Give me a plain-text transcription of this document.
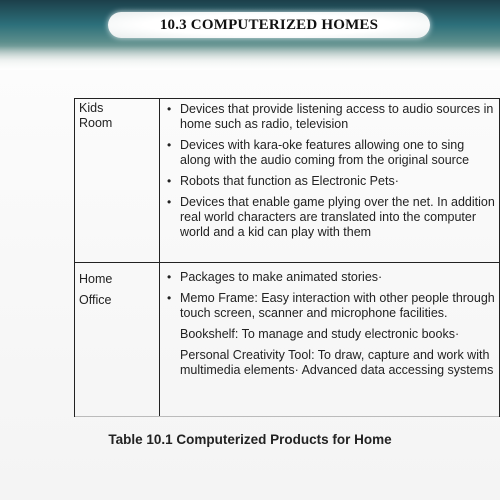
10.3 COMPUTERIZED HOMES
Kids
Room
• Devices that provide listening access to audio sources in home such as radio, television
• Devices with kara-oke features allowing one to sing along with the audio coming from the original source
• Robots that function as Electronic Pets·
• Devices that enable game plying over the net. In addition real world characters are translated into the computer world and a kid can play with them
Home
Office
• Packages to make animated stories·
• Memo Frame: Easy interaction with other people through touch screen, scanner and microphone facilities.
Bookshelf: To manage and study electronic books·
Personal Creativity Tool: To draw, capture and work with multimedia elements· Advanced data accessing systems
Table 10.1 Computerized Products for Home
